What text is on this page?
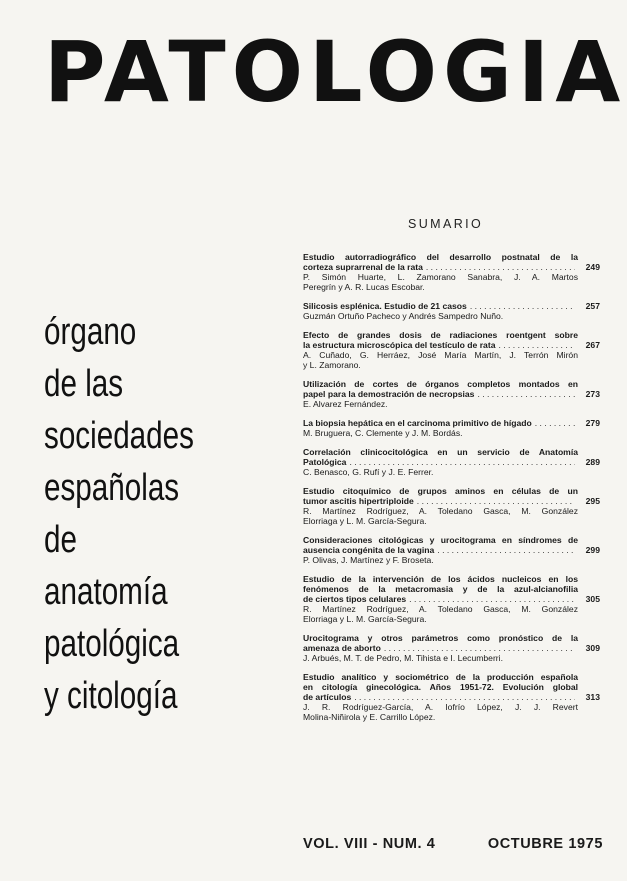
PATOLOGIA
órgano
de las
sociedades
españolas
de
anatomía
patológica
y citología
SUMARIO
Estudio autorradiográfico del desarrollo postnatal de la
corteza suprarrenal de la rata . . .	249
P. Simón Huarte, L. Zamorano Sanabra, J. A. Martos
Peregrín y A. R. Lucas Escobar.
Silicosis esplénica. Estudio de 21 casos . . .	257
Guzmán Ortuño Pacheco y Andrés Sampedro Nuño.
Efecto de grandes dosis de radiaciones roentgent sobre
la estructura microscópica del testículo de rata . . .	267
A. Cuñado, G. Herráez, José María Martín, J. Terrón Mirón
y L. Zamorano.
Utilización de cortes de órganos completos montados en
papel para la demostración de necropsias . . .	273
E. Alvarez Fernández.
La biopsia hepática en el carcinoma primitivo de hígado . . .	279
M. Bruguera, C. Clemente y J. M. Bordás.
Correlación clinicocitológica en un servicio de Anatomía
Patológica . . .	289
C. Benasco, G. Rufí y J. E. Ferrer.
Estudio citoquímico de grupos aminos en células de un
tumor ascitis hipertriploide . . .	295
R. Martínez Rodríguez, A. Toledano Gasca, M. González
Elorriaga y L. M. García-Segura.
Consideraciones citológicas y urocitograma en síndromes de
ausencia congénita de la vagina . . .	299
P. Olivas, J. Martínez y F. Broseta.
Estudio de la intervención de los ácidos nucleicos en los
fenómenos de la metacromasia y de la azul-alcianofilia
de ciertos tipos celulares . . .	305
R. Martínez Rodríguez, A. Toledano Gasca, M. González
Elorriaga y L. M. García-Segura.
Urocitograma y otros parámetros como pronóstico de la
amenaza de aborto . . .	309
J. Arbués, M. T. de Pedro, M. Tihista e I. Lecumberri.
Estudio analítico y sociométrico de la producción española
en citología ginecológica. Años 1951-72. Evolución global
de artículos . . .	313
J. R. Rodríguez-García, A. Iofrío López, J. J. Revert
Molina-Niñirola y E. Carrillo López.
VOL. VIII - NUM. 4	OCTUBRE 1975
